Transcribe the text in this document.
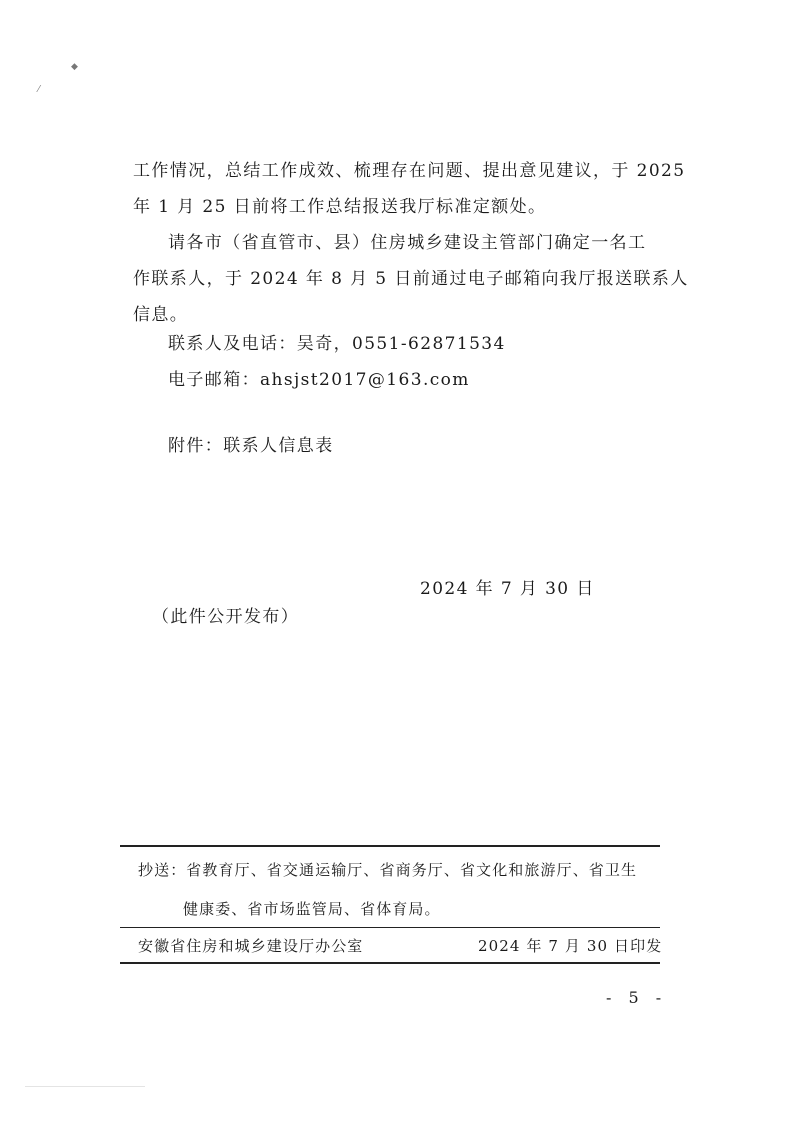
◆
⁄
工作情况，总结工作成效、梳理存在问题、提出意见建议，于 2025
年 1 月 25 日前将工作总结报送我厅标准定额处。
请各市（省直管市、县）住房城乡建设主管部门确定一名工
作联系人，于 2024 年 8 月 5 日前通过电子邮箱向我厅报送联系人
信息。
联系人及电话：吴奇，0551-62871534
电子邮箱：ahsjst2017@163.com
附件：联系人信息表
2024 年 7 月 30 日
（此件公开发布）
抄送：省教育厅、省交通运输厅、省商务厅、省文化和旅游厅、省卫生
健康委、省市场监管局、省体育局。
安徽省住房和城乡建设厅办公室	2024 年 7 月 30 日印发
- 5 -
